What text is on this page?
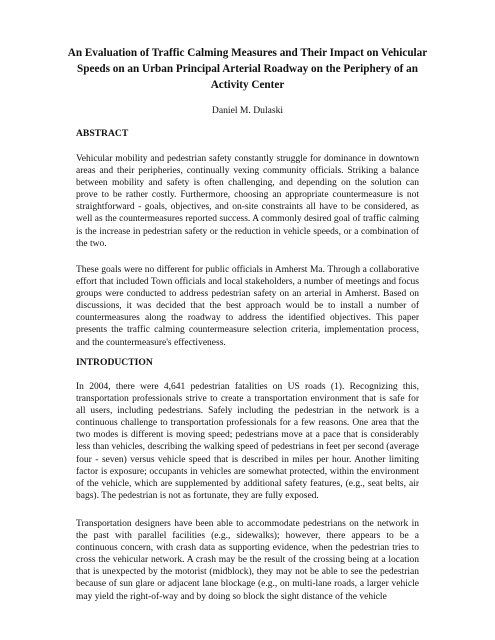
An Evaluation of Traffic Calming Measures and Their Impact on Vehicular Speeds on an Urban Principal Arterial Roadway on the Periphery of an Activity Center
Daniel M. Dulaski
ABSTRACT

Vehicular mobility and pedestrian safety constantly struggle for dominance in downtown areas and their peripheries, continually vexing community officials. Striking a balance between mobility and safety is often challenging, and depending on the solution can prove to be rather costly. Furthermore, choosing an appropriate countermeasure is not straightforward - goals, objectives, and on-site constraints all have to be considered, as well as the countermeasures reported success. A commonly desired goal of traffic calming is the increase in pedestrian safety or the reduction in vehicle speeds, or a combination of the two.

These goals were no different for public officials in Amherst Ma. Through a collaborative effort that included Town officials and local stakeholders, a number of meetings and focus groups were conducted to address pedestrian safety on an arterial in Amherst. Based on discussions, it was decided that the best approach would be to install a number of countermeasures along the roadway to address the identified objectives. This paper presents the traffic calming countermeasure selection criteria, implementation process, and the countermeasure's effectiveness.

INTRODUCTION

In 2004, there were 4,641 pedestrian fatalities on US roads (1). Recognizing this, transportation professionals strive to create a transportation environment that is safe for all users, including pedestrians. Safely including the pedestrian in the network is a continuous challenge to transportation professionals for a few reasons. One area that the two modes is different is moving speed; pedestrians move at a pace that is considerably less than vehicles, describing the walking speed of pedestrians in feet per second (average four - seven) versus vehicle speed that is described in miles per hour. Another limiting factor is exposure; occupants in vehicles are somewhat protected, within the environment of the vehicle, which are supplemented by additional safety features, (e.g., seat belts, air bags). The pedestrian is not as fortunate, they are fully exposed.

Transportation designers have been able to accommodate pedestrians on the network in the past with parallel facilities (e.g., sidewalks); however, there appears to be a continuous concern, with crash data as supporting evidence, when the pedestrian tries to cross the vehicular network. A crash may be the result of the crossing being at a location that is unexpected by the motorist (midblock), they may not be able to see the pedestrian because of sun glare or adjacent lane blockage (e.g., on multi-lane roads, a larger vehicle may yield the right-of-way and by doing so block the sight distance of the vehicle
